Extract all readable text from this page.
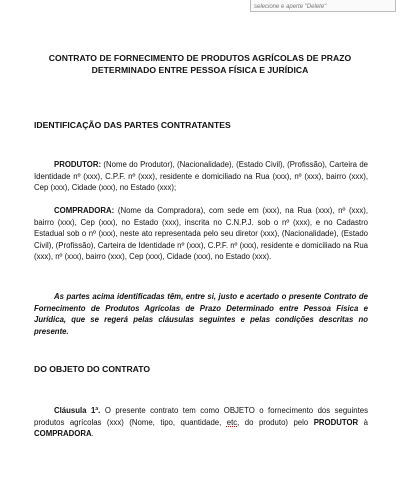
selecione e aperte "Delete"
CONTRATO DE FORNECIMENTO DE PRODUTOS AGRÍCOLAS DE PRAZO
DETERMINADO ENTRE PESSOA FÍSICA E JURÍDICA
IDENTIFICAÇÃO DAS PARTES CONTRATANTES
PRODUTOR: (Nome do Produtor), (Nacionalidade), (Estado Civil), (Profissão), Carteira de Identidade nº (xxx), C.P.F. nº (xxx), residente e domiciliado na Rua (xxx), nº (xxx), bairro (xxx), Cep (xxx), Cidade (xxx), no Estado (xxx);
COMPRADORA: (Nome da Compradora), com sede em (xxx), na Rua (xxx), nº (xxx), bairro (xxx), Cep (xxx), no Estado (xxx), inscrita no C.N.P.J. sob o nº (xxx), e no Cadastro Estadual sob o nº (xxx), neste ato representada pelo seu diretor (xxx), (Nacionalidade), (Estado Civil), (Profissão), Carteira de Identidade nº (xxx), C.P.F. nº (xxx), residente e domiciliado na Rua (xxx), nº (xxx), bairro (xxx), Cep (xxx), Cidade (xxx), no Estado (xxx).
As partes acima identificadas têm, entre si, justo e acertado o presente Contrato de Fornecimento de Produtos Agrícolas de Prazo Determinado entre Pessoa Física e Jurídica, que se regerá pelas cláusulas seguintes e pelas condições descritas no presente.
DO OBJETO DO CONTRATO
Cláusula 1ª. O presente contrato tem como OBJETO o fornecimento dos seguintes produtos agrícolas (xxx) (Nome, tipo, quantidade, etc, do produto) pelo PRODUTOR à COMPRADORA.
